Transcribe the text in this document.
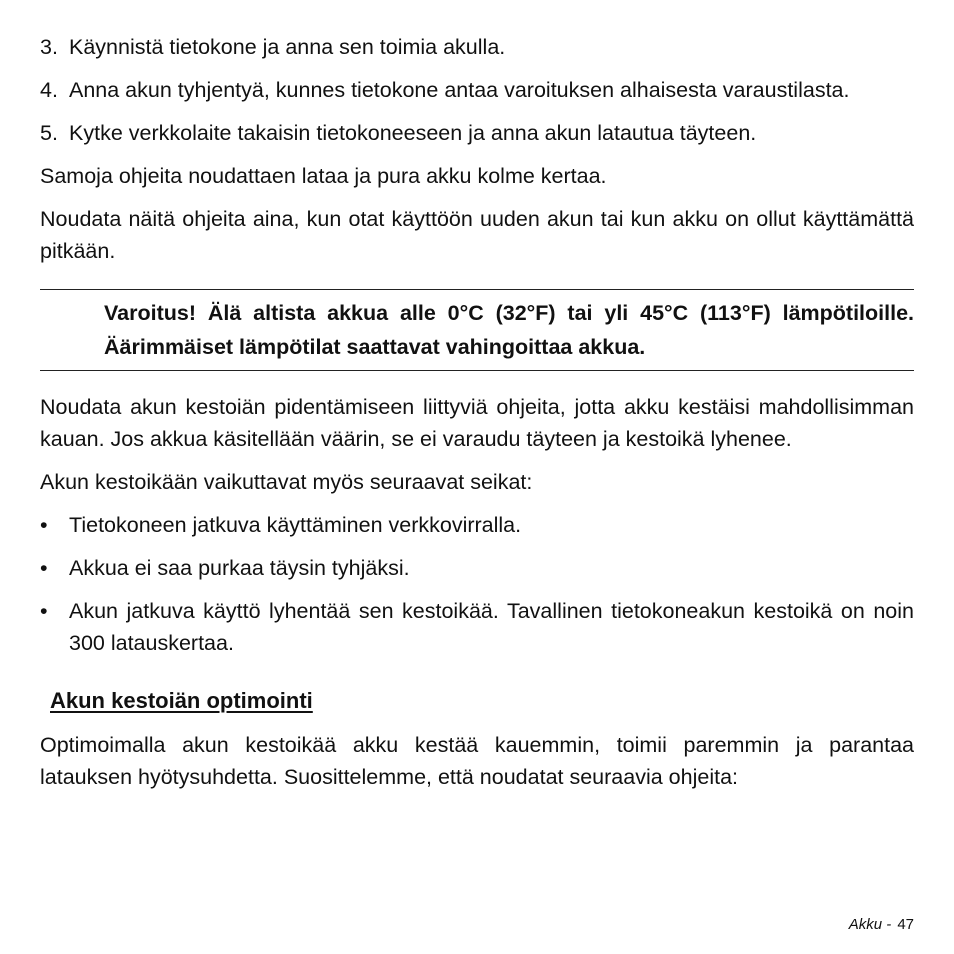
3. Käynnistä tietokone ja anna sen toimia akulla.
4. Anna akun tyhjentyä, kunnes tietokone antaa varoituksen alhaisesta varaustilasta.
5. Kytke verkkolaite takaisin tietokoneeseen ja anna akun latautua täyteen.

Samoja ohjeita noudattaen lataa ja pura akku kolme kertaa.

Noudata näitä ohjeita aina, kun otat käyttöön uuden akun tai kun akku on ollut käyttämättä pitkään.

Varoitus! Älä altista akkua alle 0°C (32°F) tai yli 45°C (113°F) lämpötiloille. Äärimmäiset lämpötilat saattavat vahingoittaa akkua.

Noudata akun kestoiän pidentämiseen liittyviä ohjeita, jotta akku kestäisi mahdollisimman kauan. Jos akkua käsitellään väärin, se ei varaudu täyteen ja kestoikä lyhenee.

Akun kestoikään vaikuttavat myös seuraavat seikat:

• Tietokoneen jatkuva käyttäminen verkkovirralla.
• Akkua ei saa purkaa täysin tyhjäksi.
• Akun jatkuva käyttö lyhentää sen kestoikää. Tavallinen tietokoneakun kestoikä on noin 300 latauskertaa.
Akun kestoiän optimointi

Optimoimalla akun kestoikää akku kestää kauemmin, toimii paremmin ja parantaa latauksen hyötysuhdetta. Suosittelemme, että noudatat seuraavia ohjeita:

Akku - 47
